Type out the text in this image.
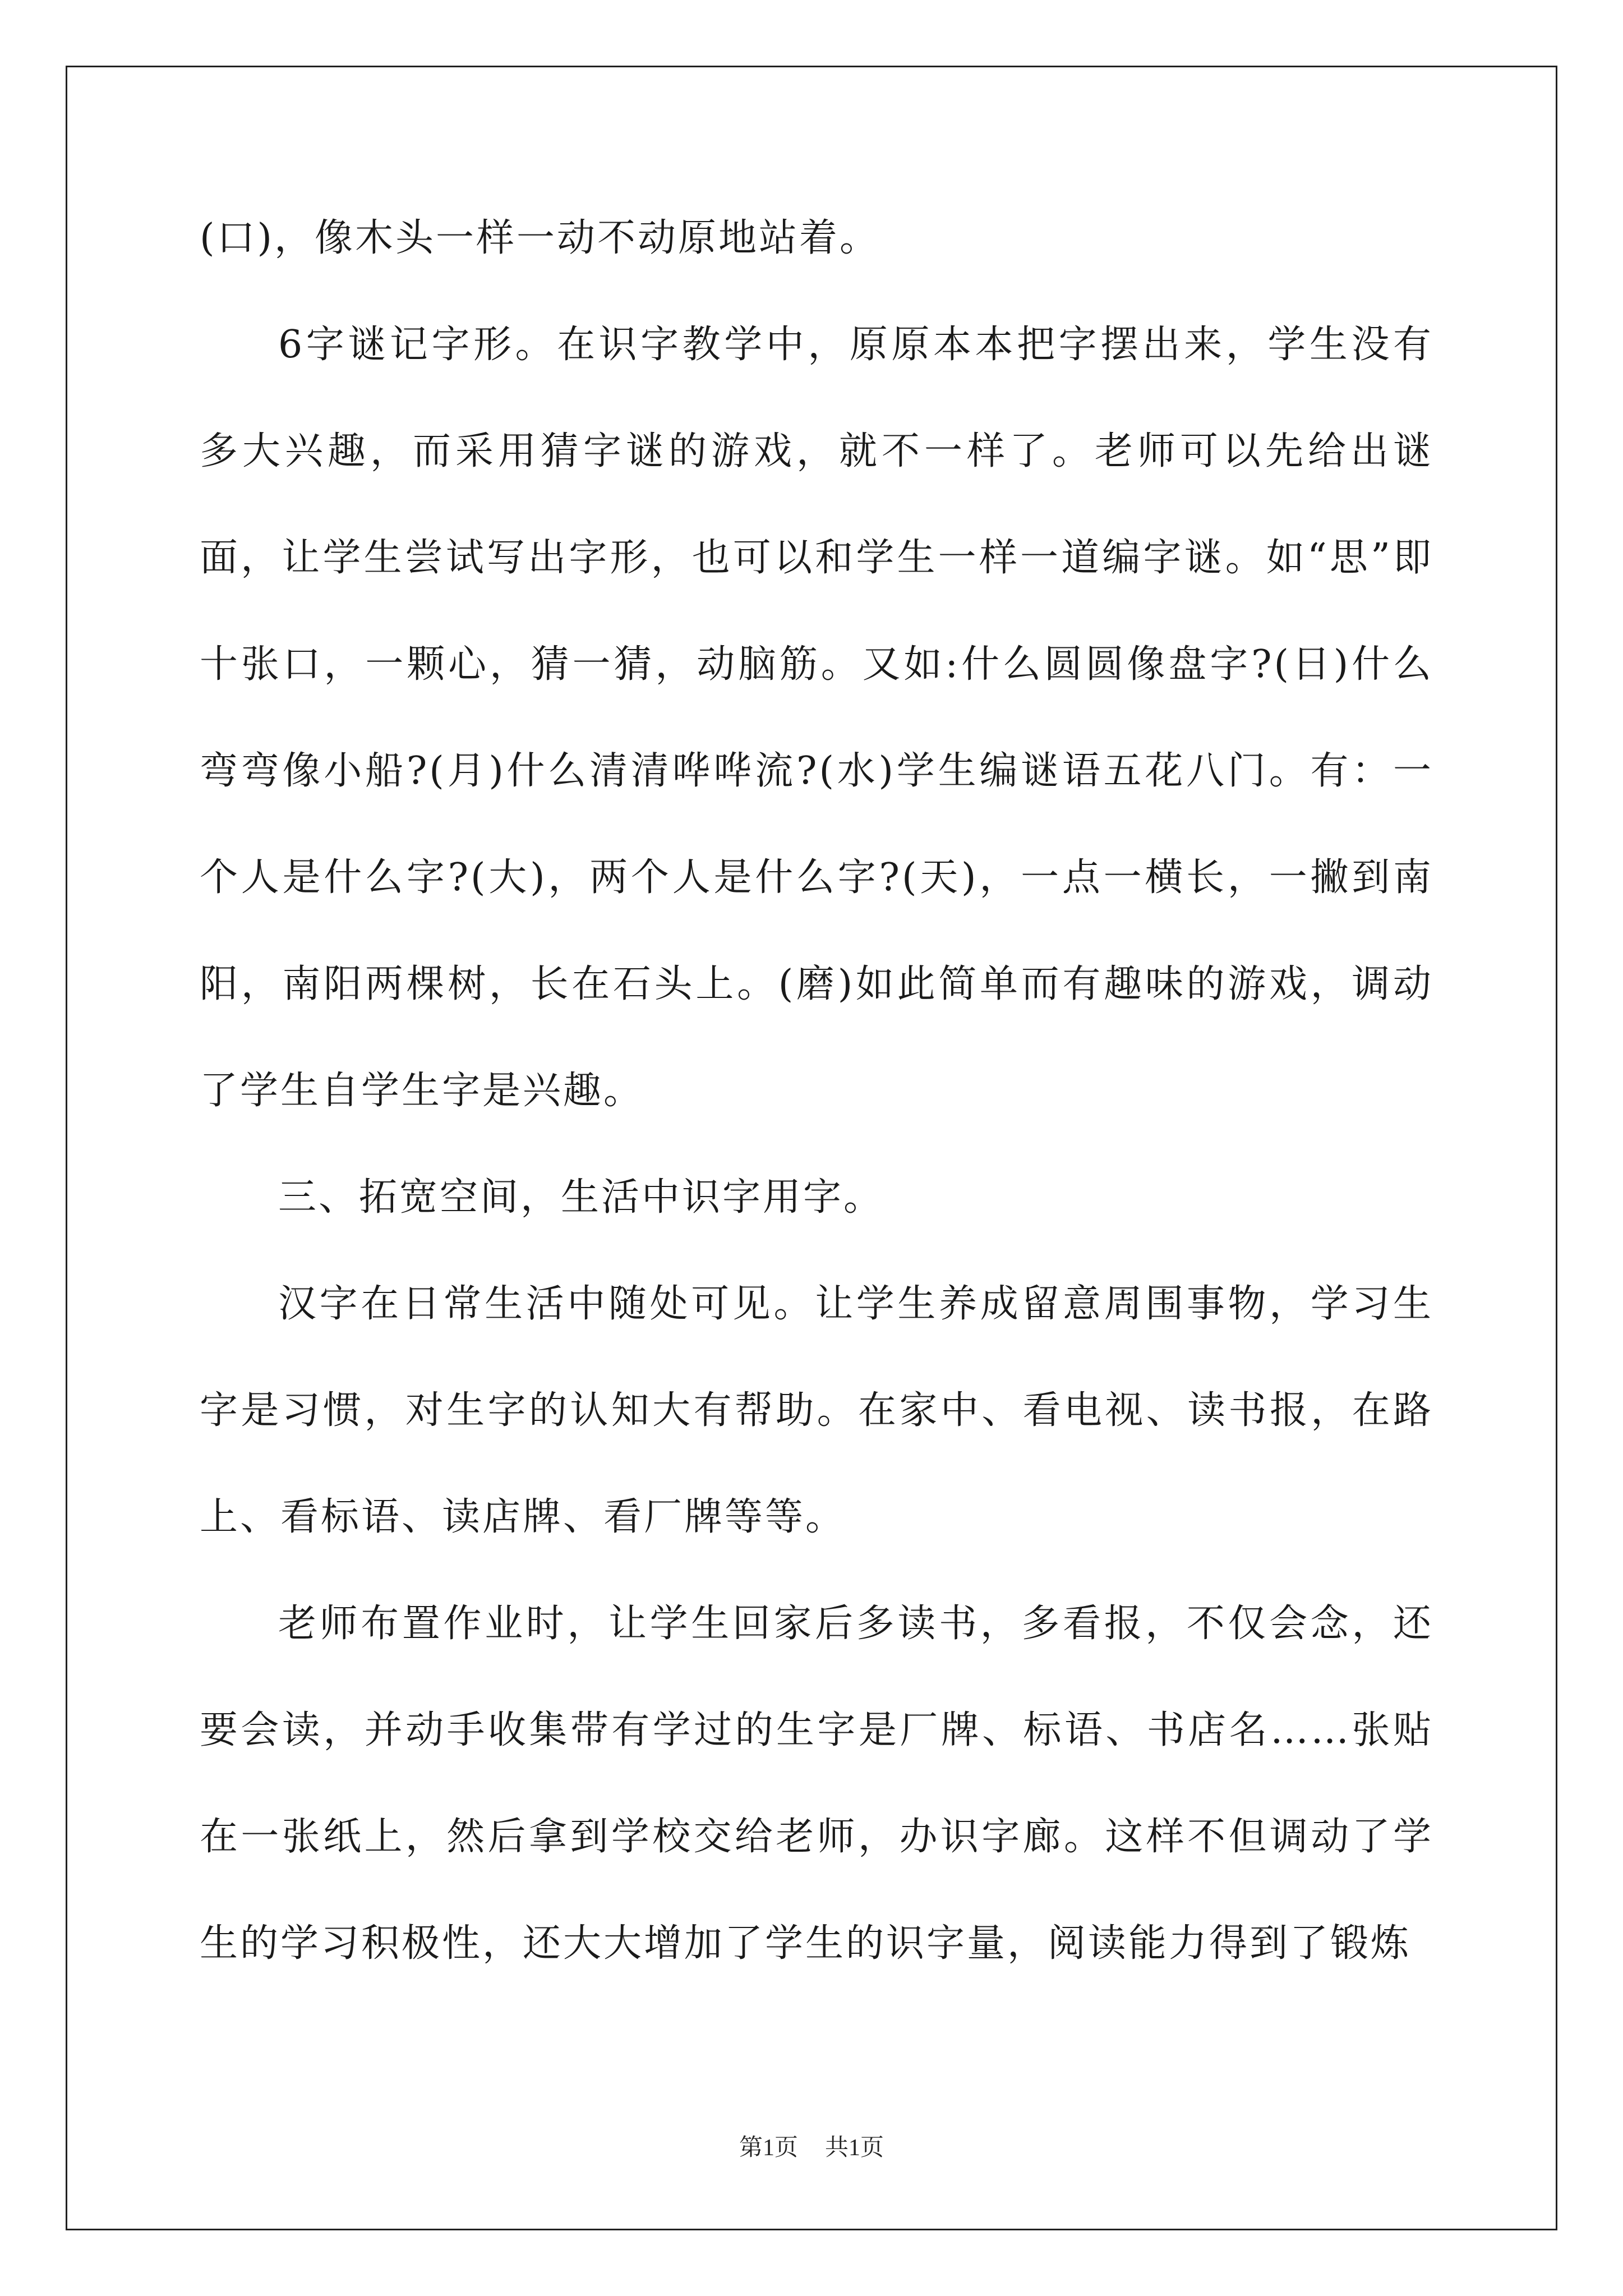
(口)，像木头一样一动不动原地站着。

6字谜记字形。在识字教学中，原原本本把字摆出来，学生没有多大兴趣，而采用猜字谜的游戏，就不一样了。老师可以先给出谜面，让学生尝试写出字形，也可以和学生一样一道编字谜。如“思”即十张口，一颗心，猜一猜，动脑筋。又如:什么圆圆像盘字?(日)什么弯弯像小船?(月)什么清清哗哗流?(水)学生编谜语五花八门。有：一个人是什么字?(大)，两个人是什么字?(天)，一点一横长，一撇到南阳，南阳两棵树，长在石头上。(磨)如此简单而有趣味的游戏，调动了学生自学生字是兴趣。

三、拓宽空间，生活中识字用字。

汉字在日常生活中随处可见。让学生养成留意周围事物，学习生字是习惯，对生字的认知大有帮助。在家中、看电视、读书报，在路上、看标语、读店牌、看厂牌等等。

老师布置作业时，让学生回家后多读书，多看报，不仅会念，还要会读，并动手收集带有学过的生字是厂牌、标语、书店名……张贴在一张纸上，然后拿到学校交给老师，办识字廊。这样不但调动了学生的学习积极性，还大大增加了学生的识字量，阅读能力得到了锻炼

第1页 共1页
